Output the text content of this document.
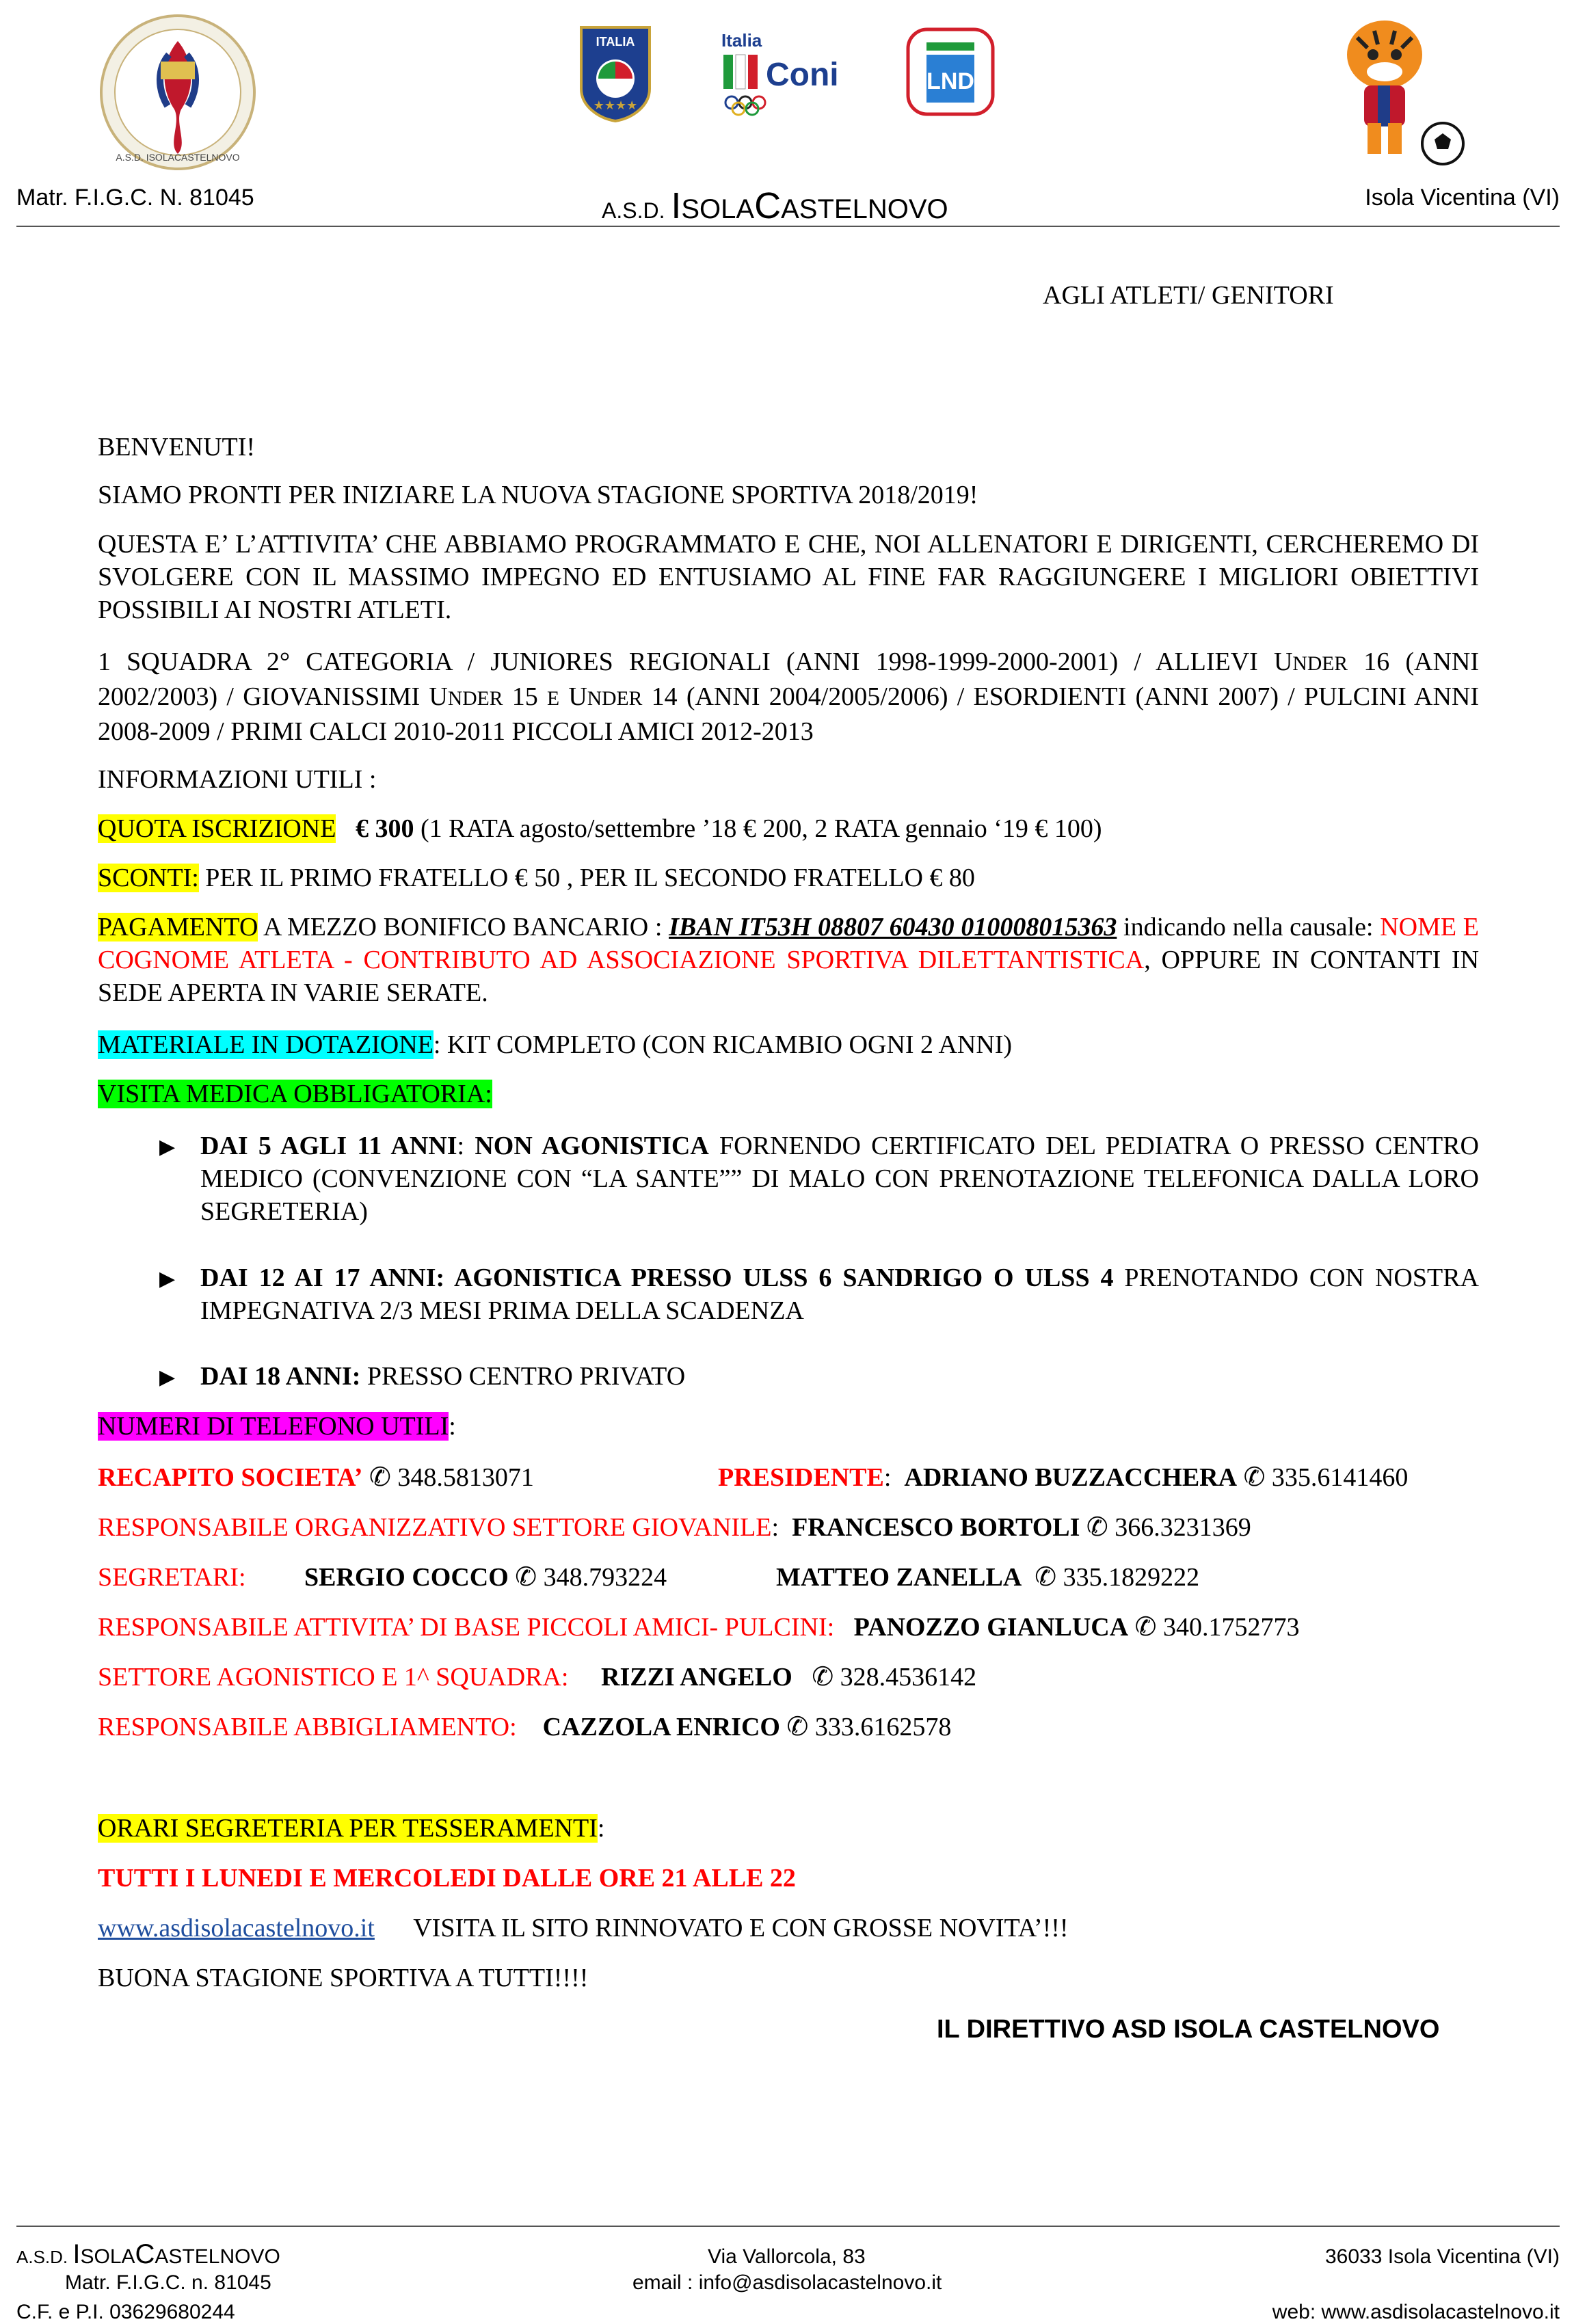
A.S.D. ISOLACASTELNOVO
ITALIA
★★★★
Italia
Coni	LND
Matr. F.I.G.C. N. 81045	A.S.D. ISOLACASTELNOVO	Isola Vicentina (VI)
AGLI ATLETI/ GENITORI
BENVENUTI!
SIAMO PRONTI PER INIZIARE LA NUOVA STAGIONE SPORTIVA 2018/2019!
QUESTA E’ L’ATTIVITA’ CHE ABBIAMO PROGRAMMATO E CHE, NOI ALLENATORI E DIRIGENTI, CERCHEREMO DI SVOLGERE CON IL MASSIMO IMPEGNO ED ENTUSIAMO AL FINE FAR RAGGIUNGERE I MIGLIORI OBIETTIVI POSSIBILI AI NOSTRI ATLETI.
1 SQUADRA 2° CATEGORIA / JUNIORES REGIONALI (ANNI 1998-1999-2000-2001) / ALLIEVI UNDER 16 (ANNI 2002/2003) / GIOVANISSIMI UNDER 15 E UNDER 14 (ANNI 2004/2005/2006) / ESORDIENTI (ANNI 2007) / PULCINI ANNI 2008-2009 / PRIMI CALCI 2010-2011 PICCOLI AMICI 2012-2013
INFORMAZIONI UTILI :
QUOTA ISCRIZIONE € 300 (1 RATA agosto/settembre ’18 € 200, 2 RATA gennaio ‘19 € 100)
SCONTI: PER IL PRIMO FRATELLO € 50 , PER IL SECONDO FRATELLO € 80
PAGAMENTO A MEZZO BONIFICO BANCARIO : IBAN IT53H 08807 60430 010008015363 indicando nella causale: NOME E COGNOME ATLETA - CONTRIBUTO AD ASSOCIAZIONE SPORTIVA DILETTANTISTICA, OPPURE IN CONTANTI IN SEDE APERTA IN VARIE SERATE.
MATERIALE IN DOTAZIONE: KIT COMPLETO (CON RICAMBIO OGNI 2 ANNI)
VISITA MEDICA OBBLIGATORIA:
▶ DAI 5 AGLI 11 ANNI: NON AGONISTICA FORNENDO CERTIFICATO DEL PEDIATRA O PRESSO CENTRO MEDICO (CONVENZIONE CON “LA SANTE”” DI MALO CON PRENOTAZIONE TELEFONICA DALLA LORO SEGRETERIA)
▶ DAI 12 AI 17 ANNI: AGONISTICA PRESSO ULSS 6 SANDRIGO O ULSS 4 PRENOTANDO CON NOSTRA IMPEGNATIVA 2/3 MESI PRIMA DELLA SCADENZA
▶ DAI 18 ANNI: PRESSO CENTRO PRIVATO
NUMERI DI TELEFONO UTILI:
RECAPITO SOCIETA’ ✆ 348.5813071	PRESIDENTE:  ADRIANO BUZZACCHERA ✆ 335.6141460
RESPONSABILE ORGANIZZATIVO SETTORE GIOVANILE:  FRANCESCO BORTOLI ✆ 366.3231369
SEGRETARI: SERGIO COCCO ✆ 348.793224	MATTEO ZANELLA ✆ 335.1829222
RESPONSABILE ATTIVITA’ DI BASE PICCOLI AMICI- PULCINI: PANOZZO GIANLUCA ✆ 340.1752773
SETTORE AGONISTICO E 1^ SQUADRA: RIZZI ANGELO ✆ 328.4536142
RESPONSABILE ABBIGLIAMENTO: CAZZOLA ENRICO ✆ 333.6162578
ORARI SEGRETERIA PER TESSERAMENTI:
TUTTI I LUNEDI E MERCOLEDI DALLE ORE 21 ALLE 22
www.asdisolacastelnovo.it VISITA IL SITO RINNOVATO E CON GROSSE NOVITA’!!!
BUONA STAGIONE SPORTIVA A TUTTI!!!!
IL DIRETTIVO ASD ISOLA CASTELNOVO
A.S.D. ISOLACASTELNOVO
Matr. F.I.G.C. n. 81045
C.F. e P.I. 03629680244
Via Vallorcola, 83
email : info@asdisolacastelnovo.it
36033 Isola Vicentina (VI)
web: www.asdisolacastelnovo.it
